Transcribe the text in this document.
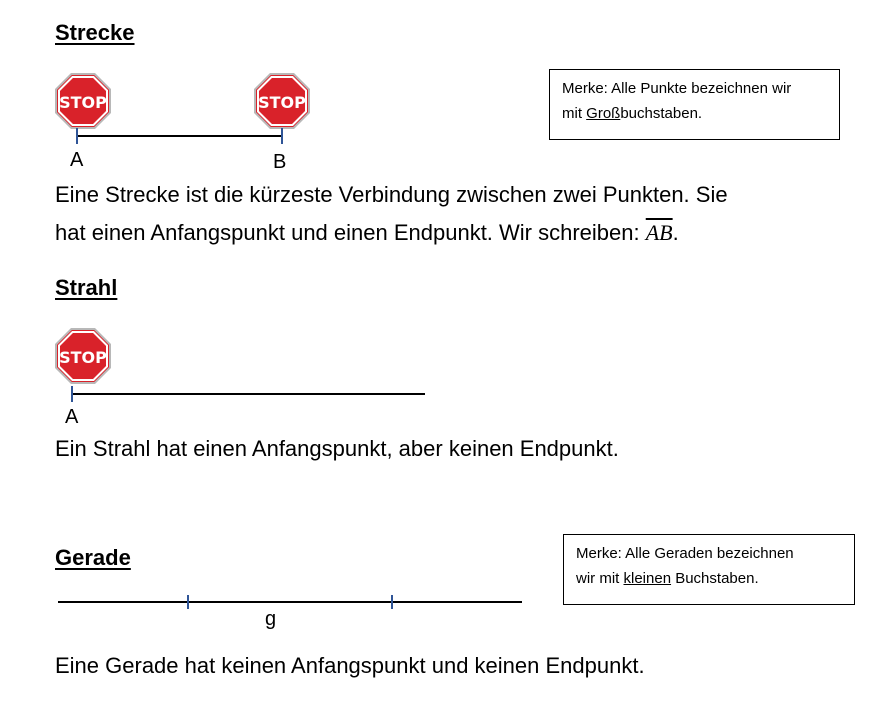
Strecke
STOP	STOP
A	B
Eine Strecke ist die kürzeste Verbindung zwischen zwei Punkten. Sie
hat einen Anfangspunkt und einen Endpunkt. Wir schreiben: $\overline{AB}$.
Merke: Alle Punkte bezeichnen wir
mit Großbuchstaben.
Strahl
STOP
A
Ein Strahl hat einen Anfangspunkt, aber keinen Endpunkt.
Gerade
g
Eine Gerade hat keinen Anfangspunkt und keinen Endpunkt.
Merke: Alle Geraden bezeichnen
wir mit kleinen Buchstaben.
